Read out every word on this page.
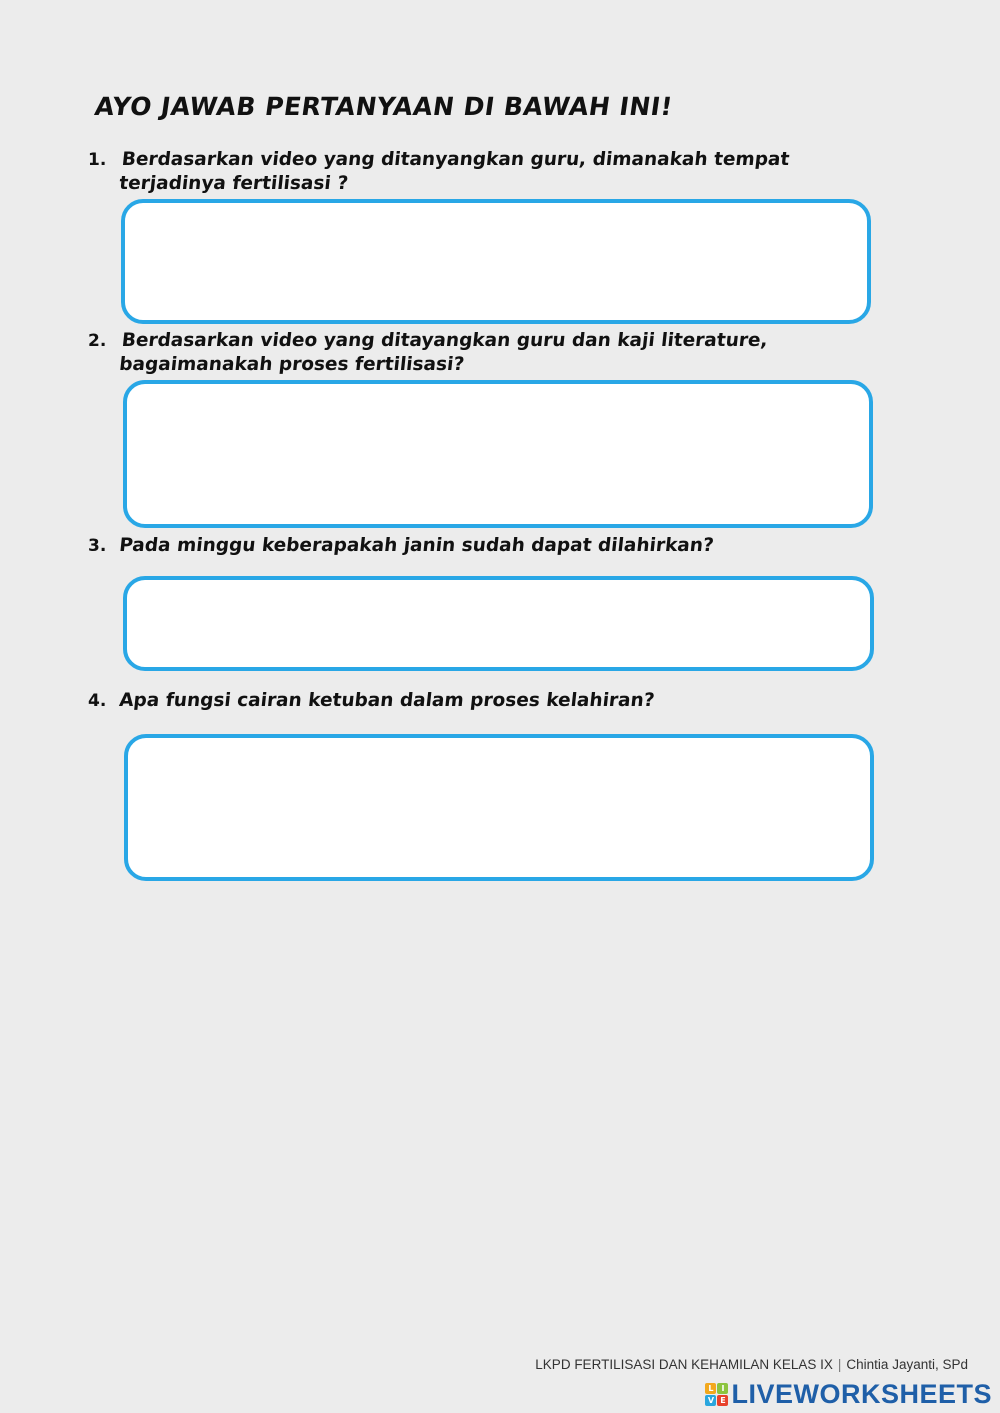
AYO JAWAB PERTANYAAN DI BAWAH INI!
1. Berdasarkan video yang ditanyangkan guru, dimanakah tempat terjadinya fertilisasi ?
2. Berdasarkan video yang ditayangkan guru dan kaji literature, bagaimanakah proses fertilisasi?
3. Pada minggu keberapakah janin sudah dapat dilahirkan?
4. Apa fungsi cairan ketuban dalam proses kelahiran?
LKPD FERTILISASI DAN KEHAMILAN KELAS IX | Chintia Jayanti, SPd
L I
V E LIVEWORKSHEETS
